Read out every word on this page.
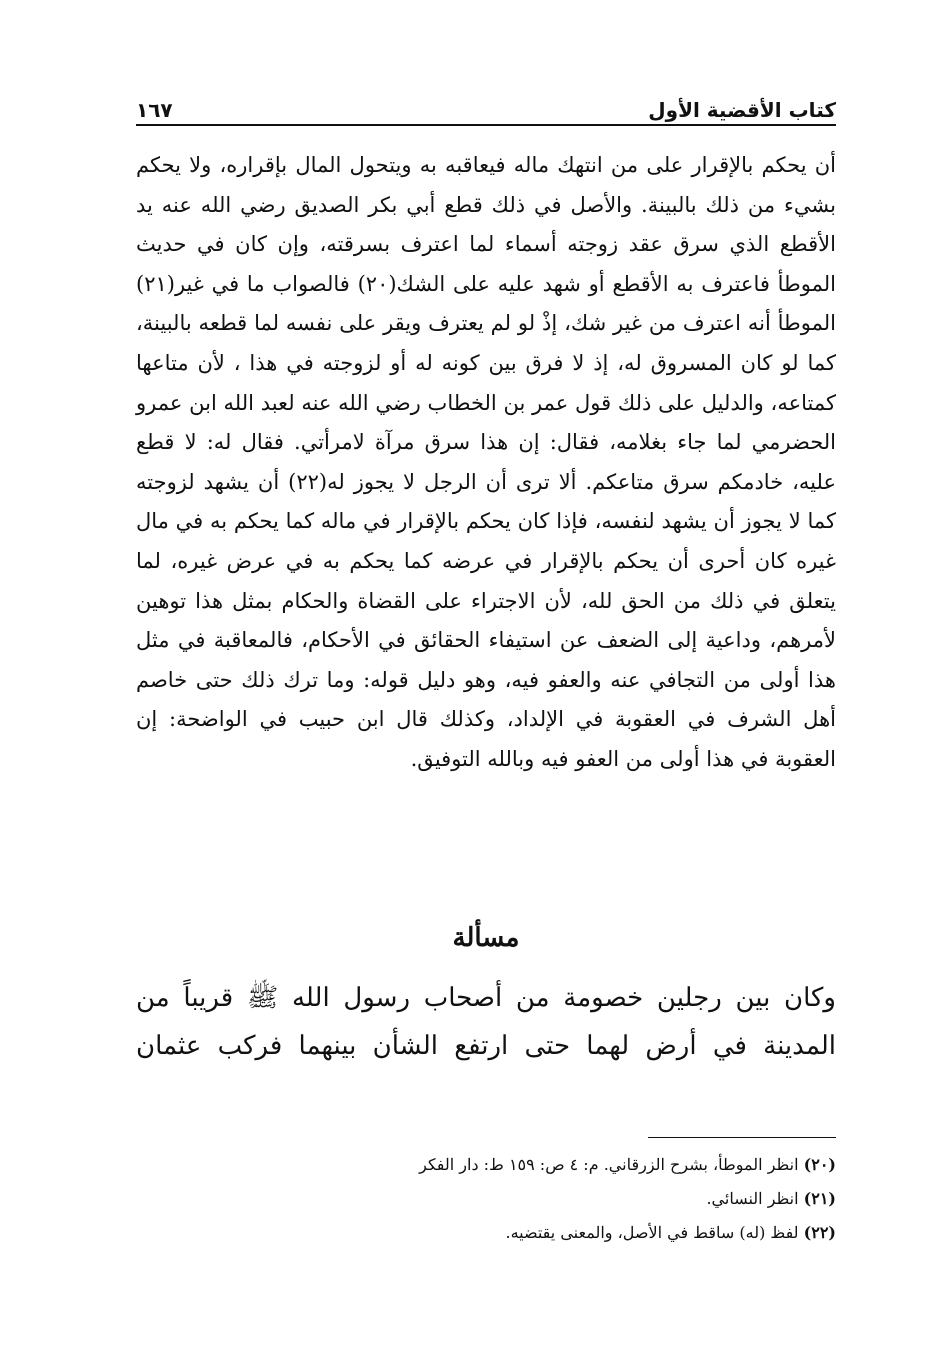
كتاب الأقضية الأول
١٦٧

أن يحكم بالإقرار على من انتهك ماله فيعاقبه به ويتحول المال بإقراره، ولا يحكم بشيء من ذلك بالبينة. والأصل في ذلك قطع أبي بكر الصديق رضي الله عنه يد الأقطع الذي سرق عقد زوجته أسماء لما اعترف بسرقته، وإن كان في حديث الموطأ فاعترف به الأقطع أو شهد عليه على الشك(٢٠) فالصواب ما في غير(٢١) الموطأ أنه اعترف من غير شك، إذْ لو لم يعترف ويقر على نفسه لما قطعه بالبينة، كما لو كان المسروق له، إذ لا فرق بين كونه له أو لزوجته في هذا ، لأن متاعها كمتاعه، والدليل على ذلك قول عمر بن الخطاب رضي الله عنه لعبد الله ابن عمرو الحضرمي لما جاء بغلامه، فقال: إن هذا سرق مرآة لامرأتي. فقال له: لا قطع عليه، خادمكم سرق متاعكم. ألا ترى أن الرجل لا يجوز له(٢٢) أن يشهد لزوجته كما لا يجوز أن يشهد لنفسه، فإذا كان يحكم بالإقرار في ماله كما يحكم به في مال غيره كان أحرى أن يحكم بالإقرار في عرضه كما يحكم به في عرض غيره، لما يتعلق في ذلك من الحق لله، لأن الاجتراء على القضاة والحكام بمثل هذا توهين لأمرهم، وداعية إلى الضعف عن استيفاء الحقائق في الأحكام، فالمعاقبة في مثل هذا أولى من التجافي عنه والعفو فيه، وهو دليل قوله: وما ترك ذلك حتى خاصم أهل الشرف في العقوبة في الإلداد، وكذلك قال ابن حبيب في الواضحة: إن العقوبة في هذا أولى من العفو فيه وبالله التوفيق.

مسألة

وكان بين رجلين خصومة من أصحاب رسول الله ﷺ قريباً من المدينة في أرض لهما حتى ارتفع الشأن بينهما فركب عثمان

(٢٠) انظر الموطأ، بشرح الزرقاني. م: ٤ ص: ١٥٩ ط: دار الفكر
(٢١) انظر النسائي.
(٢٢) لفظ (له) ساقط في الأصل، والمعنى يقتضيه.
